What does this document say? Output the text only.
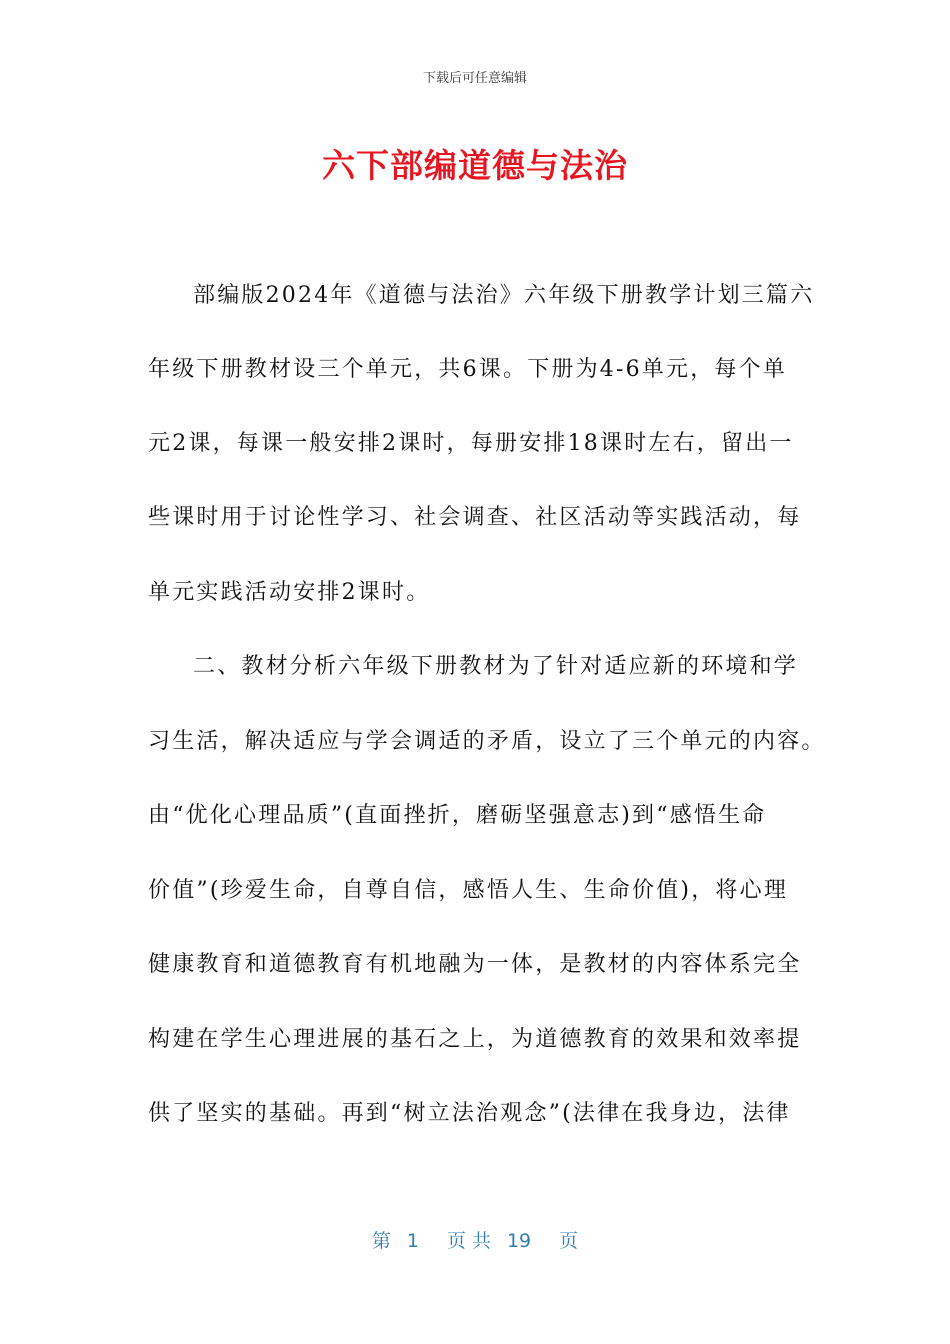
下载后可任意编辑
六下部编道德与法治
部编版2024年《道德与法治》六年级下册教学计划三篇六
年级下册教材设三个单元，共6课。下册为4-6单元，每个单
元2课，每课一般安排2课时，每册安排18课时左右，留出一
些课时用于讨论性学习、社会调查、社区活动等实践活动，每
单元实践活动安排2课时。
二、教材分析六年级下册教材为了针对适应新的环境和学
习生活，解决适应与学会调适的矛盾，设立了三个单元的内容。
由“优化心理品质”(直面挫折，磨砺坚强意志)到“感悟生命
价值”(珍爱生命，自尊自信，感悟人生、生命价值)，将心理
健康教育和道德教育有机地融为一体，是教材的内容体系完全
构建在学生心理进展的基石之上，为道德教育的效果和效率提
供了坚实的基础。再到“树立法治观念”(法律在我身边，法律
第 1 页 共 19 页
